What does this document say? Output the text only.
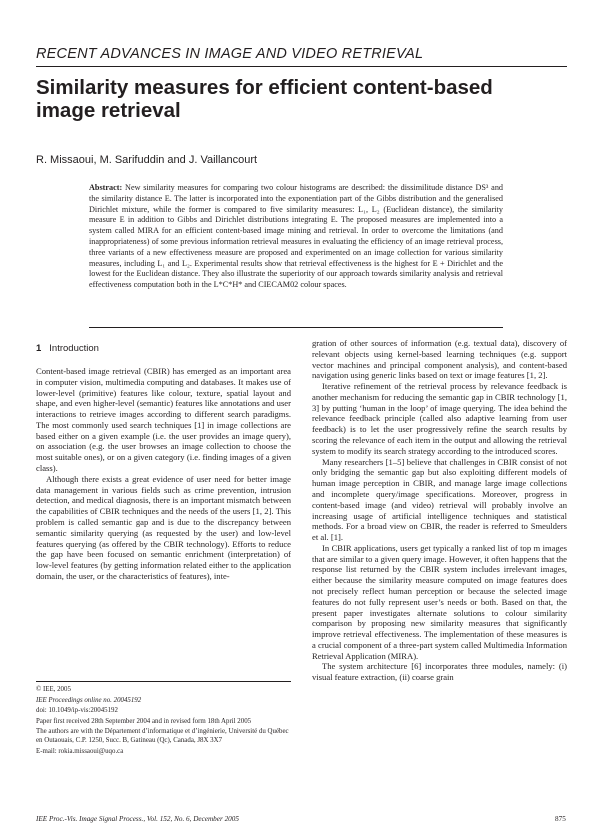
RECENT ADVANCES IN IMAGE AND VIDEO RETRIEVAL
Similarity measures for efficient content-based image retrieval
R. Missaoui, M. Sarifuddin and J. Vaillancourt
Abstract: New similarity measures for comparing two colour histograms are described: the dissimilitude distance DS³ and the similarity distance E. The latter is incorporated into the exponentiation part of the Gibbs distribution and the generalised Dirichlet mixture, while the former is compared to five similarity measures: L₁, L₂ (Euclidean distance), the similarity measure E in addition to Gibbs and Dirichlet distributions integrating E. The proposed measures are implemented into a system called MIRA for an efficient content-based image mining and retrieval. In order to overcome the limitations (and inappropriateness) of some previous information retrieval measures in evaluating the efficiency of an image retrieval process, three variants of a new effectiveness measure are proposed and experimented on an image collection for various similarity measures, including L₁ and L₂. Experimental results show that retrieval effectiveness is the highest for E + Dirichlet and the lowest for the Euclidean distance. They also illustrate the superiority of our approach towards similarity analysis and retrieval effectiveness computation both in the L*C*H* and CIECAM02 colour spaces.
1 Introduction

Content-based image retrieval (CBIR) has emerged as an important area in computer vision, multimedia computing and databases. It makes use of lower-level (primitive) features like colour, texture, spatial layout and shape, and even higher-level (semantic) features like annotations and user interactions to retrieve images according to different search paradigms. The most commonly used search techniques [1] in image collections are based either on a given example (i.e. the user provides an image query), on association (e.g. the user browses an image collection to choose the most suitable ones), or on a given category (i.e. finding images of a given class).

Although there exists a great evidence of user need for better image data management in various fields such as crime prevention, intrusion detection, and medical diagnosis, there is an important mismatch between the capabilities of CBIR techniques and the needs of the users [1, 2]. This problem is called semantic gap and is due to the discrepancy between semantic similarity querying (as requested by the user) and low-level features querying (as offered by the CBIR technology). Efforts to reduce the gap have been focused on semantic enrichment (interpretation) of low-level features (by getting information related either to the application domain, the user, or the characteristics of features), inte-

gration of other sources of information (e.g. textual data), discovery of relevant objects using kernel-based learning techniques (e.g. support vector machines and principal component analysis), and content-based navigation using generic links based on text or image features [1, 2].

Iterative refinement of the retrieval process by relevance feedback is another mechanism for reducing the semantic gap in CBIR technology [1, 3] by putting ‘human in the loop’ of image querying. The idea behind the relevance feedback principle (called also adaptive learning from user feedback) is to let the user progressively refine the search results by scoring the relevance of each item in the output and allowing the retrieval system to modify its search strategy according to the introduced scores.

Many researchers [1–5] believe that challenges in CBIR consist of not only bridging the semantic gap but also exploiting different models of human image perception in CBIR, and manage large image collections and incomplete query/image specifications. Moreover, progress in content-based image (and video) retrieval will probably involve an increasing usage of artificial intelligence techniques and statistical methods. For a broad view on CBIR, the reader is referred to Smeulders et al. [1].

In CBIR applications, users get typically a ranked list of top m images that are similar to a given query image. However, it often happens that the response list returned by the CBIR system includes irrelevant images, either because the similarity measure computed on image features does not precisely reflect human perception or because the selected image features do not fully represent user’s needs or both. Based on that, the present paper investigates alternate solutions to colour similarity comparison by proposing new similarity measures that significantly improve retrieval effectiveness. The implementation of these measures is a crucial component of a three-part system called Multimedia Information Retrieval Application (MIRA).

The system architecture [6] incorporates three modules, namely: (i) visual feature extraction, (ii) coarse grain

© IEE, 2005
IEE Proceedings online no. 20045192
doi: 10.1049/ip-vis:20045192
Paper first received 28th September 2004 and in revised form 18th April 2005
The authors are with the Département d’informatique et d’ingénierie, Université du Québec en Outaouais, C.P. 1250, Succ. B, Gatineau (Qc), Canada, J8X 3X7
E-mail: rokia.missaoui@uqo.ca
IEE Proc.-Vis. Image Signal Process., Vol. 152, No. 6, December 2005	875
